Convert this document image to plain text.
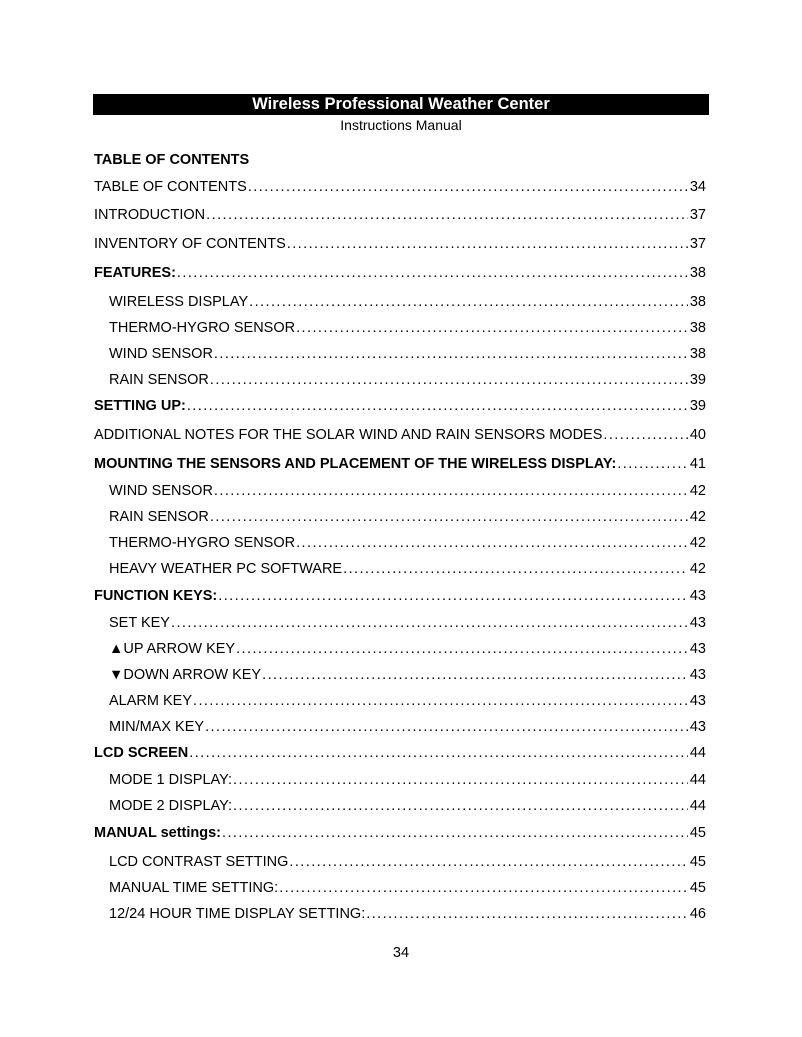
Wireless Professional Weather Center
Instructions Manual
TABLE OF CONTENTS
TABLE OF CONTENTS . . .	34
INTRODUCTION . . .	37
INVENTORY OF CONTENTS . . .	37
FEATURES: . . .	38
WIRELESS DISPLAY . . .	38
THERMO-HYGRO SENSOR . . .	38
WIND SENSOR . . .	38
RAIN SENSOR . . .	39
SETTING UP: . . .	39
ADDITIONAL NOTES FOR THE SOLAR WIND AND RAIN SENSORS MODES . . .	40
MOUNTING THE SENSORS AND PLACEMENT OF THE WIRELESS DISPLAY: . . .	41
WIND SENSOR . . .	42
RAIN SENSOR . . .	42
THERMO-HYGRO SENSOR . . .	42
HEAVY WEATHER PC SOFTWARE . . .	42
FUNCTION KEYS: . . .	43
SET KEY . . .	43
▲UP ARROW KEY . . .	43
▼DOWN ARROW KEY . . .	43
ALARM KEY . . .	43
MIN/MAX KEY . . .	43
LCD SCREEN . . .	44
MODE 1 DISPLAY: . . .	44
MODE 2 DISPLAY: . . .	44
MANUAL settings: . . .	45
LCD CONTRAST SETTING . . .	45
MANUAL TIME SETTING: . . .	45
12/24 HOUR TIME DISPLAY SETTING: . . .	46
34
